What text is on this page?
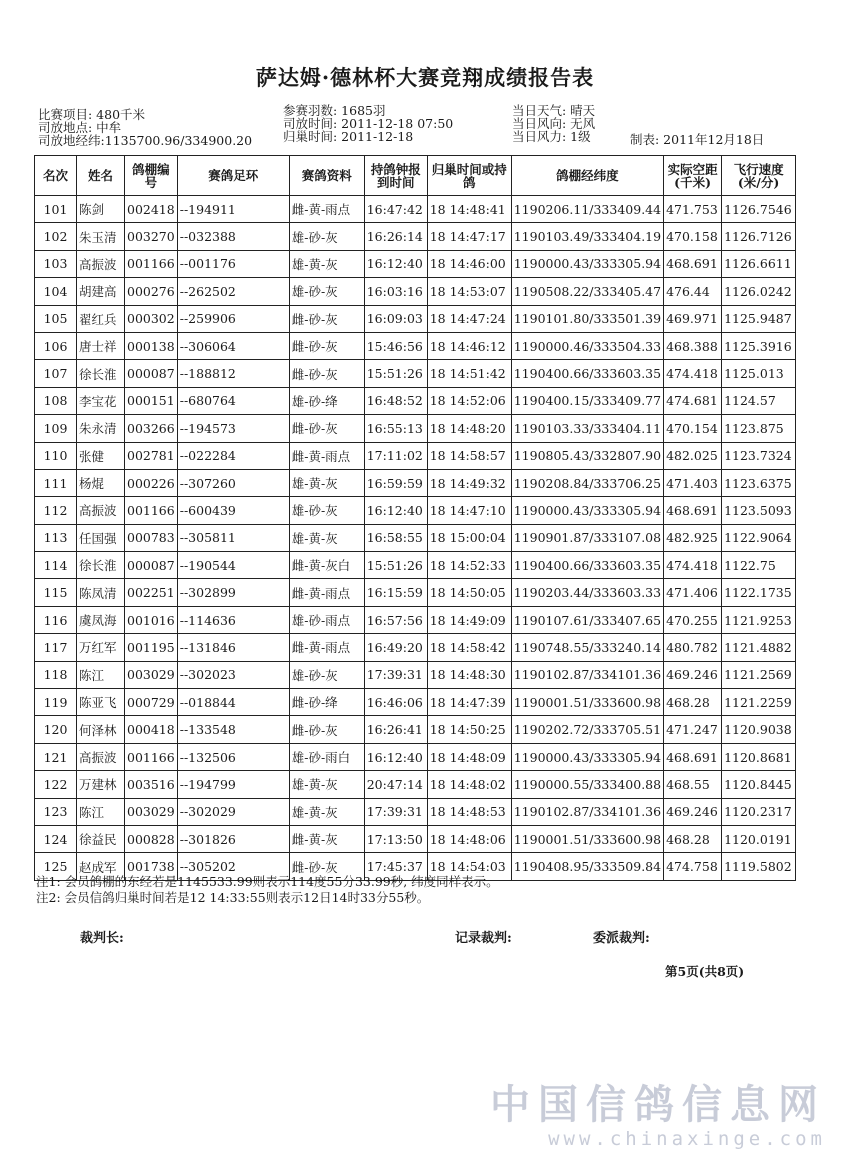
萨达姆·德林杯大赛竞翔成绩报告表
比赛项目: 480千米
司放地点: 中牟
司放地经纬:1135700.96/334900.20
参赛羽数: 1685羽
司放时间: 2011-12-18 07:50
归巢时间: 2011-12-18
当日天气: 晴天
当日风向: 无风
当日风力: 1级	制表: 2011年12月18日
名次	姓名	鸽棚编号	赛鸽足环	赛鸽资料	持鸽钟报到时间	归巢时间或持鸽	鸽棚经纬度	实际空距(千米)	飞行速度(米/分)
101	陈剑	002418	--194911	雌-黄-雨点	16:47:42	18 14:48:41	1190206.11/333409.44	471.753	1126.7546
102	朱玉清	003270	--032388	雄-砂-灰	16:26:14	18 14:47:17	1190103.49/333404.19	470.158	1126.7126
103	高振波	001166	--001176	雄-黄-灰	16:12:40	18 14:46:00	1190000.43/333305.94	468.691	1126.6611
104	胡建高	000276	--262502	雄-砂-灰	16:03:16	18 14:53:07	1190508.22/333405.47	476.44	1126.0242
105	翟红兵	000302	--259906	雌-砂-灰	16:09:03	18 14:47:24	1190101.80/333501.39	469.971	1125.9487
106	唐士祥	000138	--306064	雌-砂-灰	15:46:56	18 14:46:12	1190000.46/333504.33	468.388	1125.3916
107	徐长淮	000087	--188812	雌-砂-灰	15:51:26	18 14:51:42	1190400.66/333603.35	474.418	1125.013
108	李宝花	000151	--680764	雄-砂-绛	16:48:52	18 14:52:06	1190400.15/333409.77	474.681	1124.57
109	朱永清	003266	--194573	雌-砂-灰	16:55:13	18 14:48:20	1190103.33/333404.11	470.154	1123.875
110	张健	002781	--022284	雌-黄-雨点	17:11:02	18 14:58:57	1190805.43/332807.90	482.025	1123.7324
111	杨焜	000226	--307260	雄-黄-灰	16:59:59	18 14:49:32	1190208.84/333706.25	471.403	1123.6375
112	高振波	001166	--600439	雄-砂-灰	16:12:40	18 14:47:10	1190000.43/333305.94	468.691	1123.5093
113	任国强	000783	--305811	雄-黄-灰	16:58:55	18 15:00:04	1190901.87/333107.08	482.925	1122.9064
114	徐长淮	000087	--190544	雌-黄-灰白	15:51:26	18 14:52:33	1190400.66/333603.35	474.418	1122.75
115	陈凤清	002251	--302899	雌-黄-雨点	16:15:59	18 14:50:05	1190203.44/333603.33	471.406	1122.1735
116	虞凤海	001016	--114636	雄-砂-雨点	16:57:56	18 14:49:09	1190107.61/333407.65	470.255	1121.9253
117	万红军	001195	--131846	雌-黄-雨点	16:49:20	18 14:58:42	1190748.55/333240.14	480.782	1121.4882
118	陈江	003029	--302023	雄-砂-灰	17:39:31	18 14:48:30	1190102.87/334101.36	469.246	1121.2569
119	陈亚飞	000729	--018844	雌-砂-绛	16:46:06	18 14:47:39	1190001.51/333600.98	468.28	1121.2259
120	何泽林	000418	--133548	雌-砂-灰	16:26:41	18 14:50:25	1190202.72/333705.51	471.247	1120.9038
121	高振波	001166	--132506	雄-砂-雨白	16:12:40	18 14:48:09	1190000.43/333305.94	468.691	1120.8681
122	万建林	003516	--194799	雄-黄-灰	20:47:14	18 14:48:02	1190000.55/333400.88	468.55	1120.8445
123	陈江	003029	--302029	雄-黄-灰	17:39:31	18 14:48:53	1190102.87/334101.36	469.246	1120.2317
124	徐益民	000828	--301826	雌-黄-灰	17:13:50	18 14:48:06	1190001.51/333600.98	468.28	1120.0191
125	赵成军	001738	--305202	雌-砂-灰	17:45:37	18 14:54:03	1190408.95/333509.84	474.758	1119.5802
注1: 会员鸽棚的东经若是1145533.99则表示114度55分33.99秒, 纬度同样表示。
注2: 会员信鸽归巢时间若是12 14:33:55则表示12日14时33分55秒。
裁判长:	记录裁判:	委派裁判:
第5页(共8页)
中国信鸽信息网
www.chinaxinge.com
